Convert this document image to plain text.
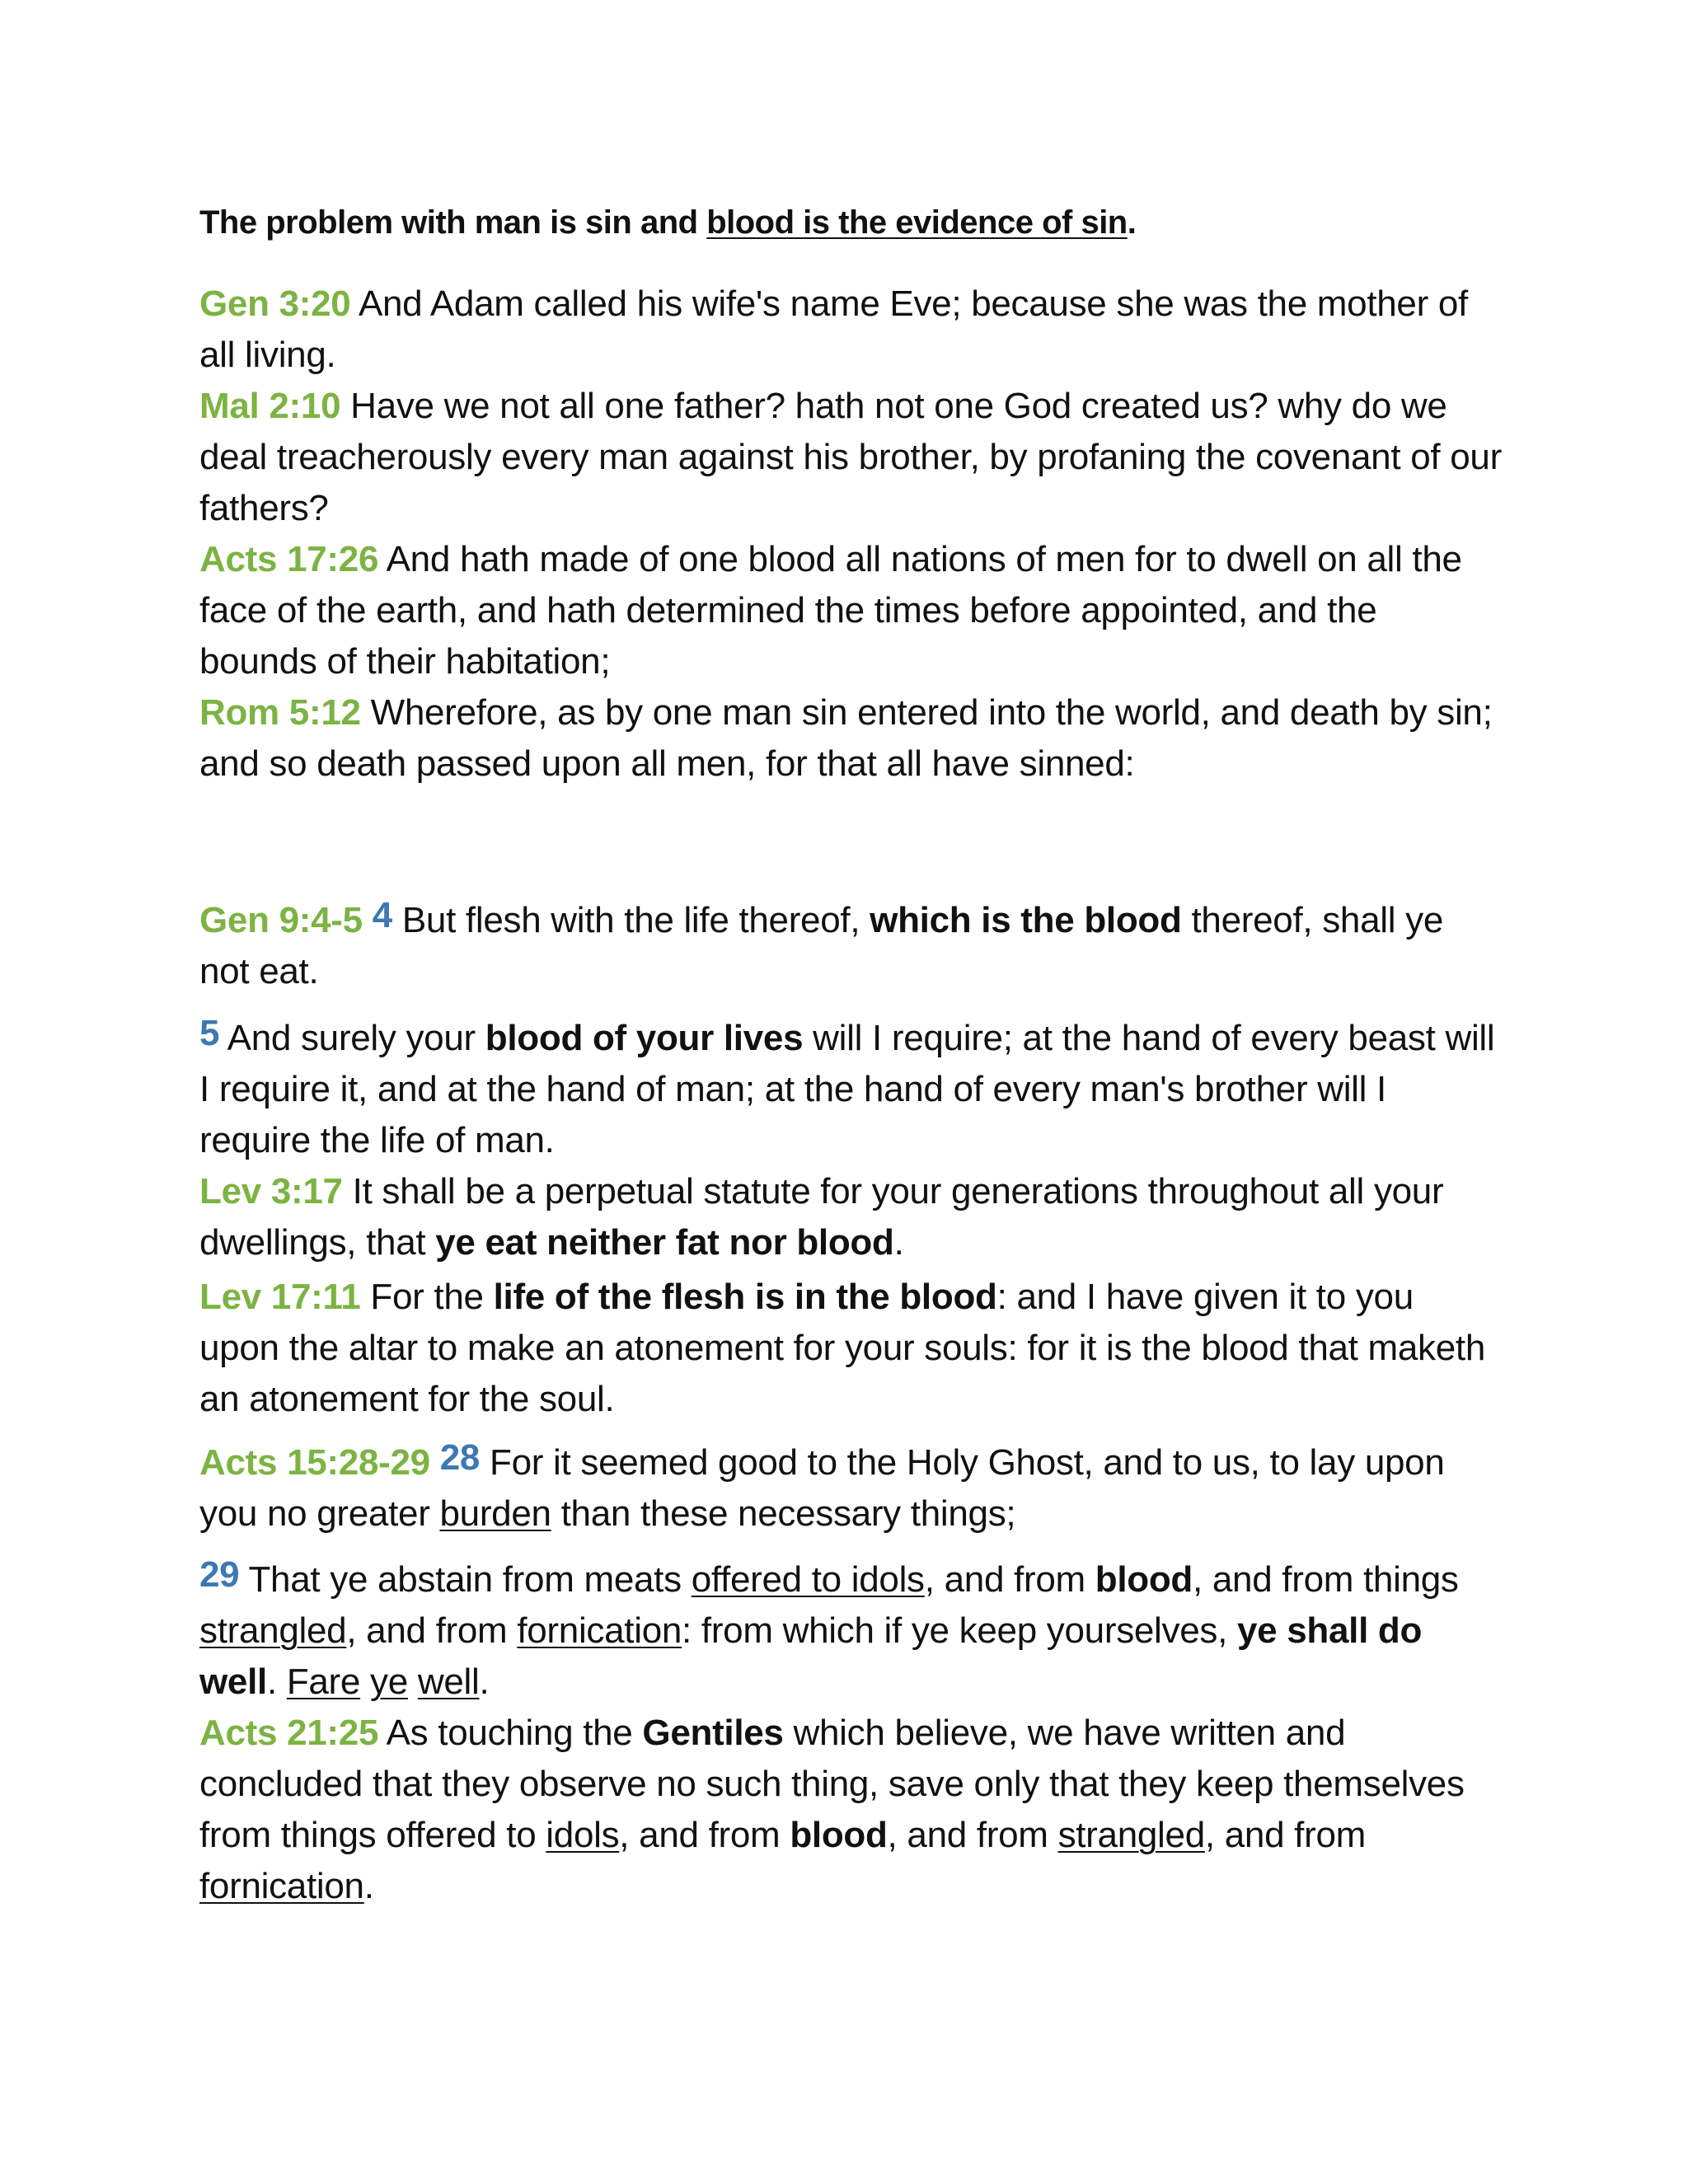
The problem with man is sin and blood is the evidence of sin.
Gen 3:20 And Adam called his wife's name Eve; because she was the mother of all living.
Mal 2:10 Have we not all one father? hath not one God created us? why do we deal treacherously every man against his brother, by profaning the covenant of our fathers?
Acts 17:26 And hath made of one blood all nations of men for to dwell on all the face of the earth, and hath determined the times before appointed, and the bounds of their habitation;
Rom 5:12 Wherefore, as by one man sin entered into the world, and death by sin; and so death passed upon all men, for that all have sinned:
Gen 9:4-5 4 But flesh with the life thereof, which is the blood thereof, shall ye not eat.
5 And surely your blood of your lives will I require; at the hand of every beast will I require it, and at the hand of man; at the hand of every man's brother will I require the life of man.
Lev 3:17 It shall be a perpetual statute for your generations throughout all your dwellings, that ye eat neither fat nor blood.
Lev 17:11 For the life of the flesh is in the blood: and I have given it to you upon the altar to make an atonement for your souls: for it is the blood that maketh an atonement for the soul.
Acts 15:28-29 28 For it seemed good to the Holy Ghost, and to us, to lay upon you no greater burden than these necessary things;
29 That ye abstain from meats offered to idols, and from blood, and from things strangled, and from fornication: from which if ye keep yourselves, ye shall do well. Fare ye well.
Acts 21:25 As touching the Gentiles which believe, we have written and concluded that they observe no such thing, save only that they keep themselves from things offered to idols, and from blood, and from strangled, and from fornication.
